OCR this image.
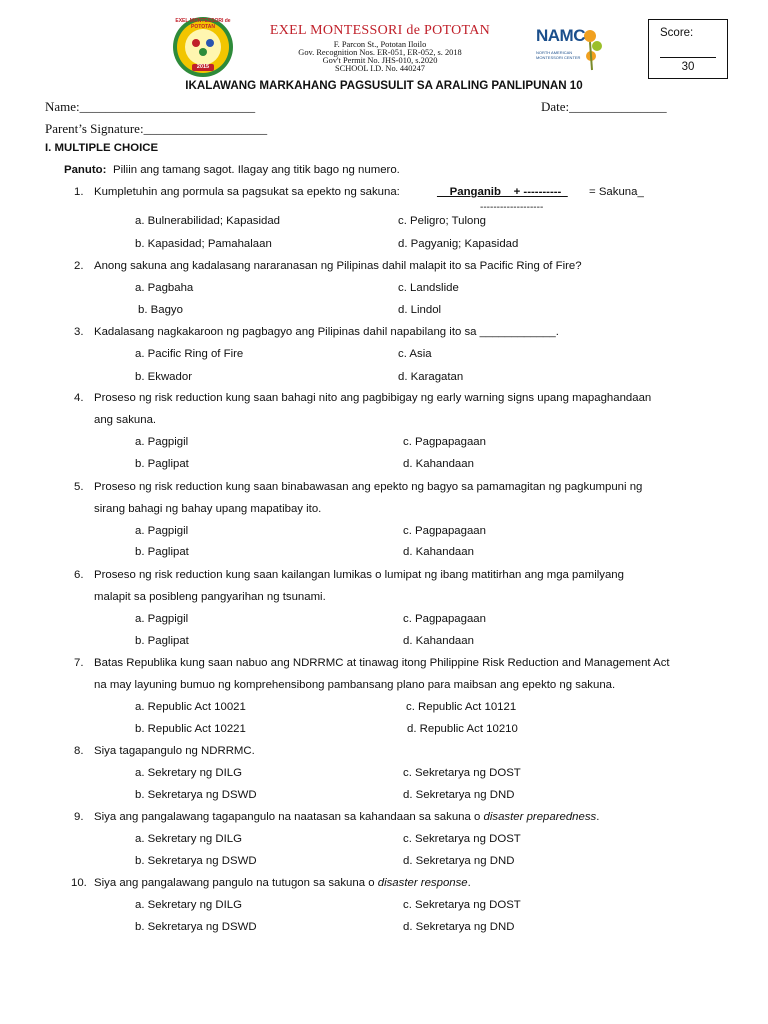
EXEL MONTESSORI de POTOTAN
2015
EXEL MONTESSORI de POTOTAN
F. Parcon St., Pototan Iloilo
Gov. Recognition Nos. ER-051, ER-052, s. 2018
Gov't Permit No. JHS-010, s.2020
SCHOOL I.D. No. 440247
NAMC
NORTH AMERICAN MONTESSORI CENTER
Score:
30
IKALAWANG MARKAHANG PAGSUSULIT SA ARALING PANLIPUNAN 10
Name:___________________________	Date:_______________
Parent’s Signature:___________________
I. MULTIPLE CHOICE
Panuto: Piliin ang tamang sagot. Ilagay ang titik bago ng numero.
1. Kumpletuhin ang pormula sa pagsukat sa epekto ng sakuna:	__Panganib__+ ----------_ = Sakuna_
-------------------
a. Bulnerabilidad; Kapasidad	c. Peligro; Tulong
b. Kapasidad; Pamahalaan	d. Pagyanig; Kapasidad
2. Anong sakuna ang kadalasang nararanasan ng Pilipinas dahil malapit ito sa Pacific Ring of Fire?
a. Pagbaha	c. Landslide
b. Bagyo	d. Lindol
3. Kadalasang nagkakaroon ng pagbagyo ang Pilipinas dahil napabilang ito sa ____________.
a. Pacific Ring of Fire	c. Asia
b. Ekwador	d. Karagatan
4. Proseso ng risk reduction kung saan bahagi nito ang pagbibigay ng early warning signs upang mapaghandaan
ang sakuna.
a. Pagpigil	c. Pagpapagaan
b. Paglipat	d. Kahandaan
5. Proseso ng risk reduction kung saan binabawasan ang epekto ng bagyo sa pamamagitan ng pagkumpuni ng
sirang bahagi ng bahay upang mapatibay ito.
a. Pagpigil	c. Pagpapagaan
b. Paglipat	d. Kahandaan
6. Proseso ng risk reduction kung saan kailangan lumikas o lumipat ng ibang matitirhan ang mga pamilyang
malapit sa posibleng pangyarihan ng tsunami.
a. Pagpigil	c. Pagpapagaan
b. Paglipat	d. Kahandaan
7. Batas Republika kung saan nabuo ang NDRRMC at tinawag itong Philippine Risk Reduction and Management Act
na may layuning bumuo ng komprehensibong pambansang plano para maibsan ang epekto ng sakuna.
a. Republic Act 10021	c. Republic Act 10121
b. Republic Act 10221	d. Republic Act 10210
8. Siya tagapangulo ng NDRRMC.
a. Sekretary ng DILG	c. Sekretarya ng DOST
b. Sekretarya ng DSWD	d. Sekretarya ng DND
9. Siya ang pangalawang tagapangulo na naatasan sa kahandaan sa sakuna o disaster preparedness.
a. Sekretary ng DILG	c. Sekretarya ng DOST
b. Sekretarya ng DSWD	d. Sekretarya ng DND
10. Siya ang pangalawang pangulo na tutugon sa sakuna o disaster response.
a. Sekretary ng DILG	c. Sekretarya ng DOST
b. Sekretarya ng DSWD	d. Sekretarya ng DND
